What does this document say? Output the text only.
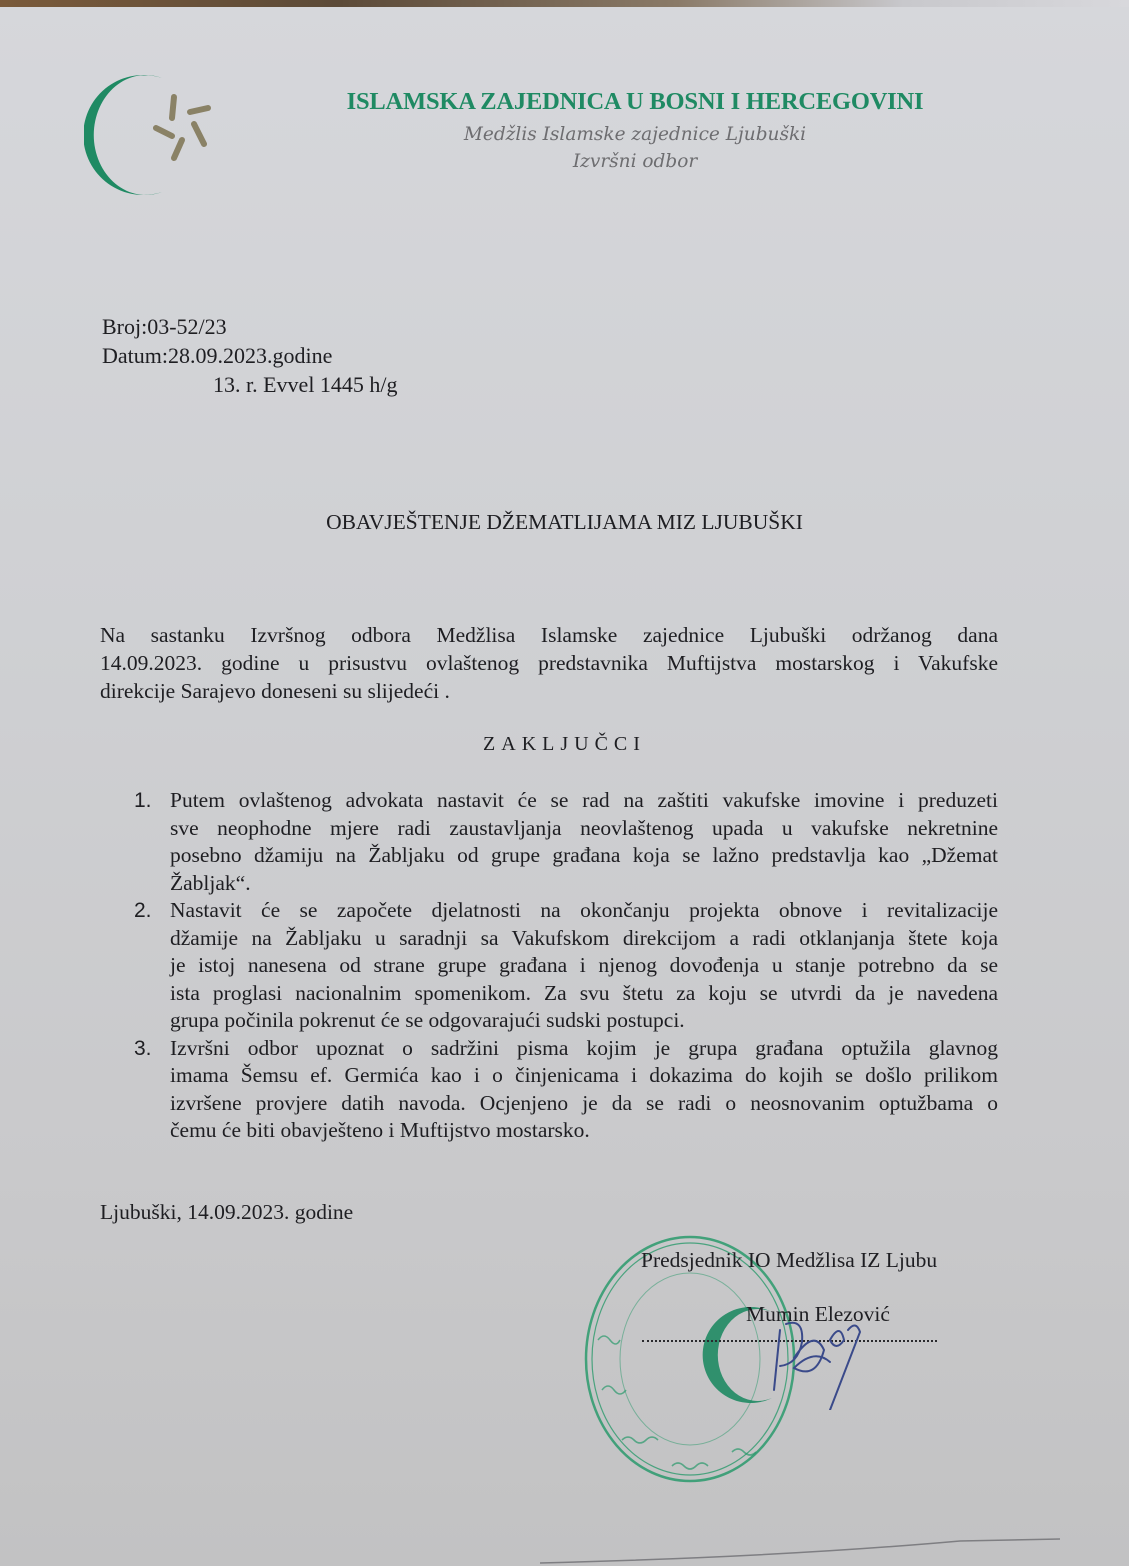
ISLAMSKA ZAJEDNICA U BOSNI I HERCEGOVINI
Medžlis Islamske zajednice Ljubuški
Izvršni odbor
Broj:03-52/23
Datum:28.09.2023.godine
13. r. Evvel 1445 h/g
OBAVJEŠTENJE DŽEMATLIJAMA MIZ LJUBUŠKI
Na sastanku Izvršnog odbora Medžlisa Islamske zajednice Ljubuški održanog dana
14.09.2023. godine u prisustvu ovlaštenog predstavnika Muftijstva mostarskog i Vakufske
direkcije Sarajevo doneseni su slijedeći .
ZAKLJUČCI
1. Putem ovlaštenog advokata nastavit će se rad na zaštiti vakufske imovine i preduzeti
sve neophodne mjere radi zaustavljanja neovlaštenog upada u vakufske nekretnine
posebno džamiju na Žabljaku od grupe građana koja se lažno predstavlja kao „Džemat
Žabljak“.
2. Nastavit će se započete djelatnosti na okončanju projekta obnove i revitalizacije
džamije na Žabljaku u saradnji sa Vakufskom direkcijom a radi otklanjanja štete koja
je istoj nanesena od strane grupe građana i njenog dovođenja u stanje potrebno da se
ista proglasi nacionalnim spomenikom. Za svu štetu za koju se utvrdi da je navedena
grupa počinila pokrenut će se odgovarajući sudski postupci.
3. Izvršni odbor upoznat o sadržini pisma kojim je grupa građana optužila glavnog
imama Šemsu ef. Germića kao i o činjenicama i dokazima do kojih se došlo prilikom
izvršene provjere datih navoda. Ocjenjeno je da se radi o neosnovanim optužbama o
čemu će biti obavješteno i Muftijstvo mostarsko.
Ljubuški, 14.09.2023. godine
Predsjednik IO Medžlisa IZ Ljubu
Mumin Elezović
